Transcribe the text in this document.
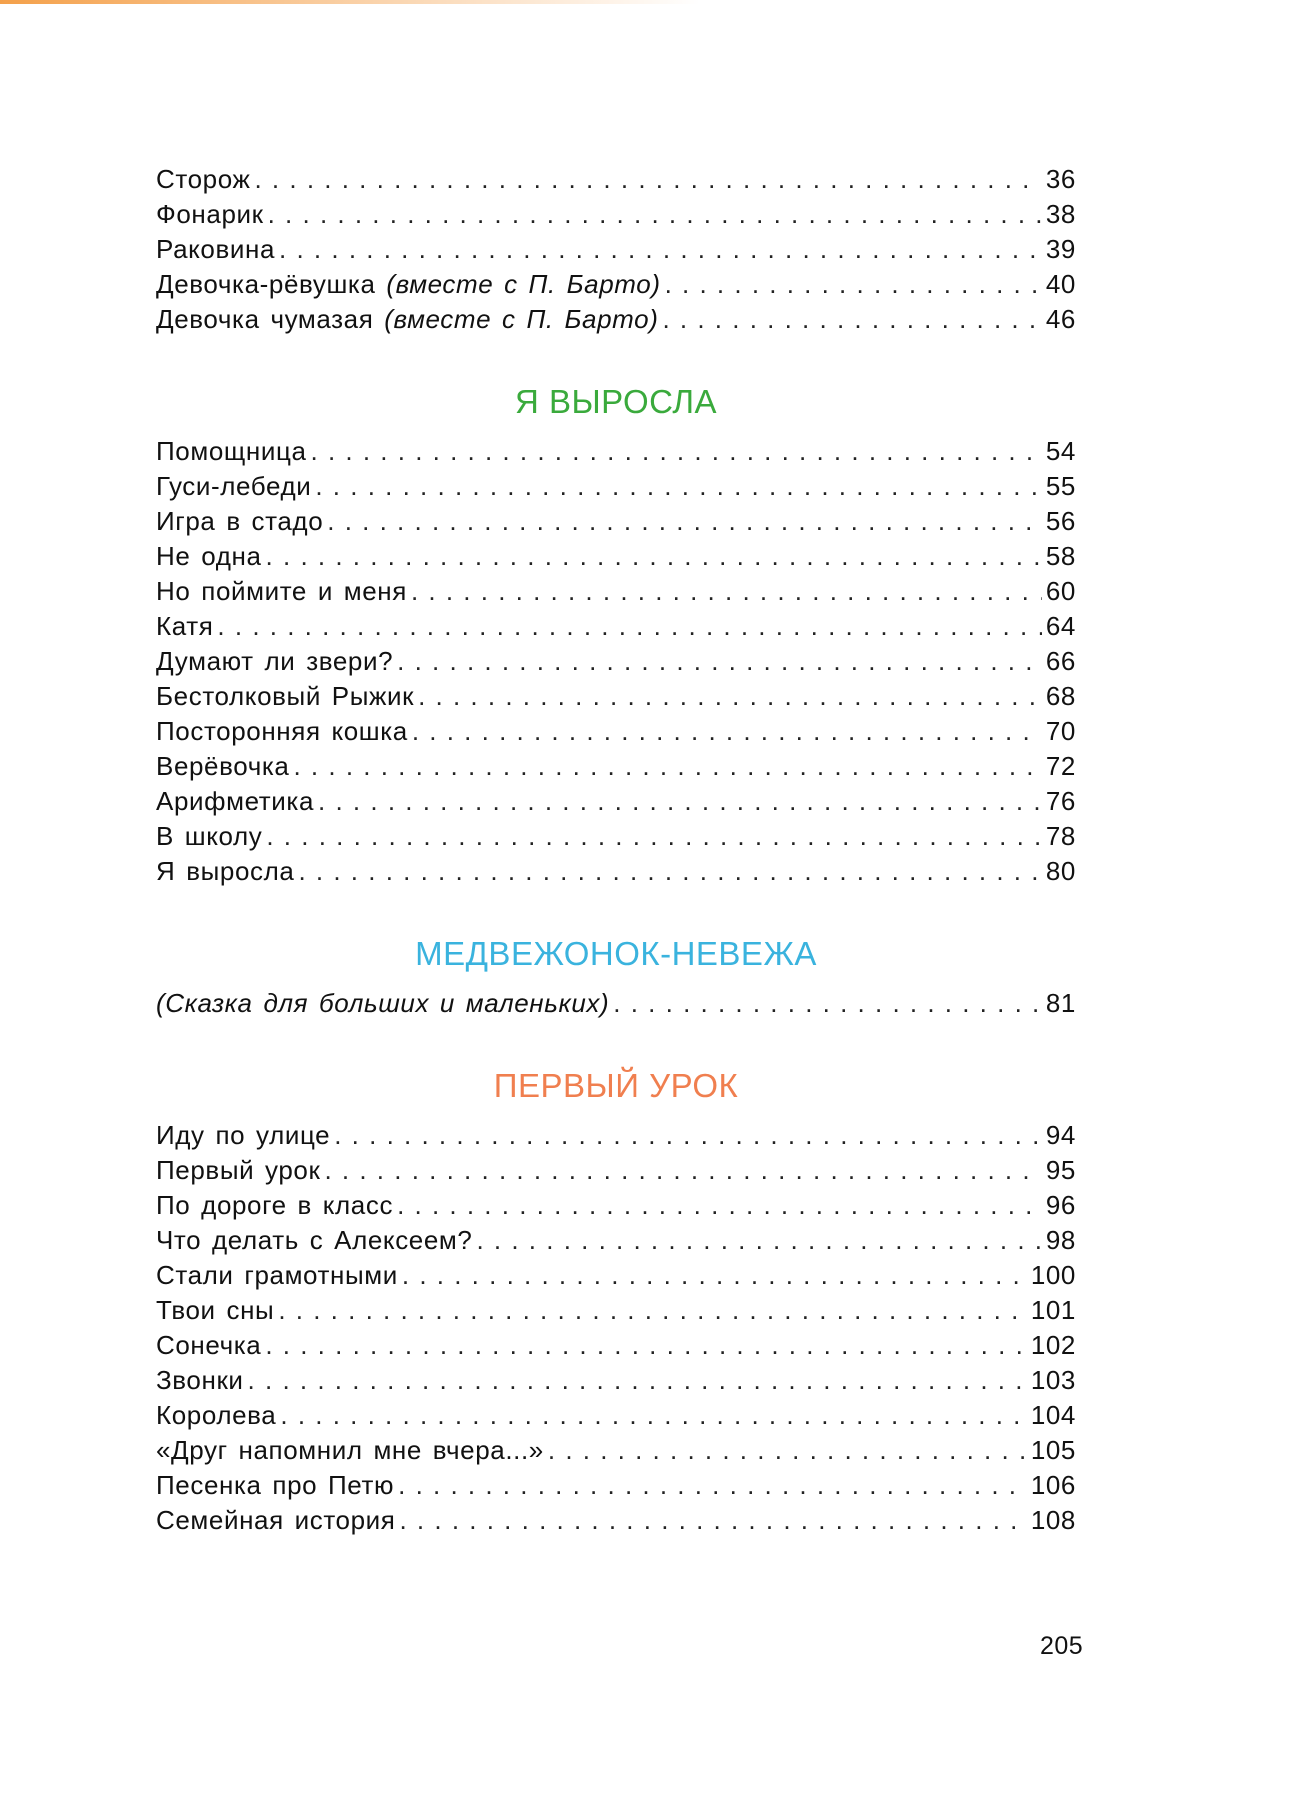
Сторож . . .	36
Фонарик . . .	38
Раковина . . .	39
Девочка-рёвушка (вместе с П. Барто) . . .	40
Девочка чумазая (вместе с П. Барто) . . .	46
Я ВЫРОСЛА
Помощница . . .	54
Гуси-лебеди . . .	55
Игра в стадо . . .	56
Не одна . . .	58
Но поймите и меня . . .	60
Катя . . .	64
Думают ли звери? . . .	66
Бестолковый Рыжик . . .	68
Посторонняя кошка . . .	70
Верёвочка . . .	72
Арифметика . . .	76
В школу . . .	78
Я выросла . . .	80
МЕДВЕЖОНОК-НЕВЕЖА
(Сказка для больших и маленьких) . . .	81
ПЕРВЫЙ УРОК
Иду по улице . . .	94
Первый урок . . .	95
По дороге в класс . . .	96
Что делать с Алексеем? . . .	98
Стали грамотными . . .	100
Твои сны . . .	101
Сонечка . . .	102
Звонки . . .	103
Королева . . .	104
«Друг напомнил мне вчера...» . . .	105
Песенка про Петю . . .	106
Семейная история . . .	108
205
